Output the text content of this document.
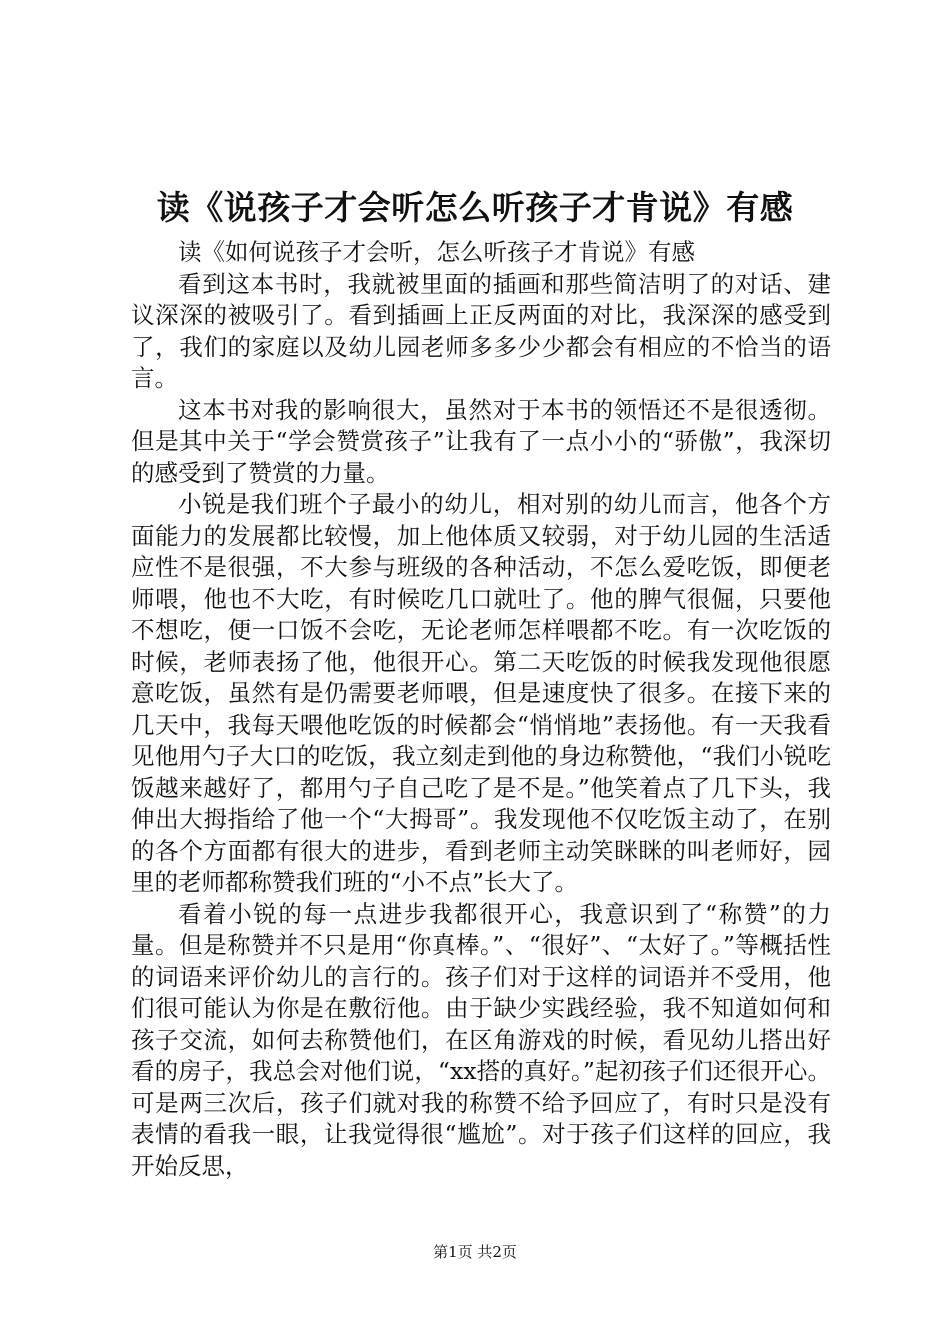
读《说孩子才会听怎么听孩子才肯说》有感

读《如何说孩子才会听，怎么听孩子才肯说》有感

看到这本书时，我就被里面的插画和那些简洁明了的对话、建议深深的被吸引了。看到插画上正反两面的对比，我深深的感受到了，我们的家庭以及幼儿园老师多多少少都会有相应的不恰当的语言。

这本书对我的影响很大，虽然对于本书的领悟还不是很透彻。但是其中关于“学会赞赏孩子”让我有了一点小小的“骄傲”，我深切的感受到了赞赏的力量。

小锐是我们班个子最小的幼儿，相对别的幼儿而言，他各个方面能力的发展都比较慢，加上他体质又较弱，对于幼儿园的生活适应性不是很强，不大参与班级的各种活动，不怎么爱吃饭，即便老师喂，他也不大吃，有时候吃几口就吐了。他的脾气很倔，只要他不想吃，便一口饭不会吃，无论老师怎样喂都不吃。有一次吃饭的时候，老师表扬了他，他很开心。第二天吃饭的时候我发现他很愿意吃饭，虽然有是仍需要老师喂，但是速度快了很多。在接下来的几天中，我每天喂他吃饭的时候都会“悄悄地”表扬他。有一天我看见他用勺子大口的吃饭，我立刻走到他的身边称赞他，“我们小锐吃饭越来越好了，都用勺子自己吃了是不是。”他笑着点了几下头，我伸出大拇指给了他一个“大拇哥”。我发现他不仅吃饭主动了，在别的各个方面都有很大的进步，看到老师主动笑眯眯的叫老师好，园里的老师都称赞我们班的“小不点”长大了。

看着小锐的每一点进步我都很开心，我意识到了“称赞”的力量。但是称赞并不只是用“你真棒。”、“很好”、“太好了。”等概括性的词语来评价幼儿的言行的。孩子们对于这样的词语并不受用，他们很可能认为你是在敷衍他。由于缺少实践经验，我不知道如何和孩子交流，如何去称赞他们，在区角游戏的时候，看见幼儿搭出好看的房子，我总会对他们说，“xx搭的真好。”起初孩子们还很开心。可是两三次后，孩子们就对我的称赞不给予回应了，有时只是没有表情的看我一眼，让我觉得很“尴尬”。对于孩子们这样的回应，我开始反思，

第1页 共2页
